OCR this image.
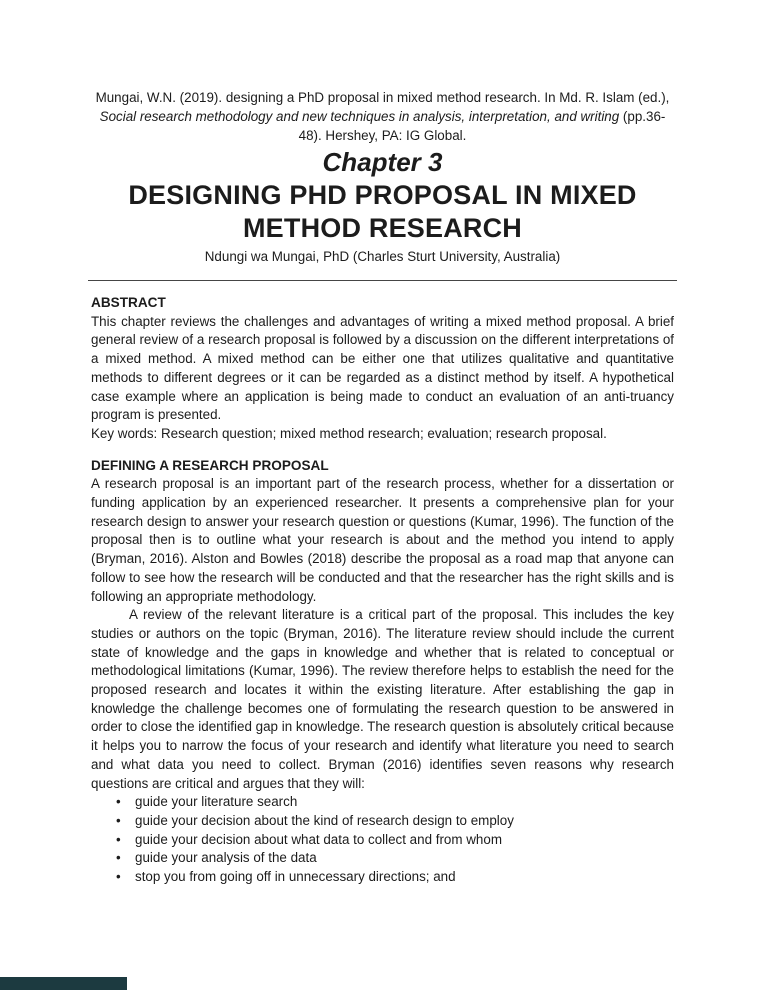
Mungai, W.N. (2019). designing a PhD proposal in mixed method research. In Md. R. Islam (ed.), Social research methodology and new techniques in analysis, interpretation, and writing (pp.36-48). Hershey, PA: IG Global.

Chapter 3
DESIGNING PHD PROPOSAL IN MIXED
METHOD RESEARCH

Ndungi wa Mungai, PhD (Charles Sturt University, Australia)

ABSTRACT

This chapter reviews the challenges and advantages of writing a mixed method proposal. A brief general review of a research proposal is followed by a discussion on the different interpretations of a mixed method. A mixed method can be either one that utilizes qualitative and quantitative methods to different degrees or it can be regarded as a distinct method by itself. A hypothetical case example where an application is being made to conduct an evaluation of an anti-truancy program is presented.

Key words: Research question; mixed method research; evaluation; research proposal.

DEFINING A RESEARCH PROPOSAL

A research proposal is an important part of the research process, whether for a dissertation or funding application by an experienced researcher. It presents a comprehensive plan for your research design to answer your research question or questions (Kumar, 1996). The function of the proposal then is to outline what your research is about and the method you intend to apply (Bryman, 2016). Alston and Bowles (2018) describe the proposal as a road map that anyone can follow to see how the research will be conducted and that the researcher has the right skills and is following an appropriate methodology.

A review of the relevant literature is a critical part of the proposal. This includes the key studies or authors on the topic (Bryman, 2016). The literature review should include the current state of knowledge and the gaps in knowledge and whether that is related to conceptual or methodological limitations (Kumar, 1996). The review therefore helps to establish the need for the proposed research and locates it within the existing literature. After establishing the gap in knowledge the challenge becomes one of formulating the research question to be answered in order to close the identified gap in knowledge. The research question is absolutely critical because it helps you to narrow the focus of your research and identify what literature you need to search and what data you need to collect. Bryman (2016) identifies seven reasons why research questions are critical and argues that they will:

• guide your literature search
• guide your decision about the kind of research design to employ
• guide your decision about what data to collect and from whom
• guide your analysis of the data
• stop you from going off in unnecessary directions; and
